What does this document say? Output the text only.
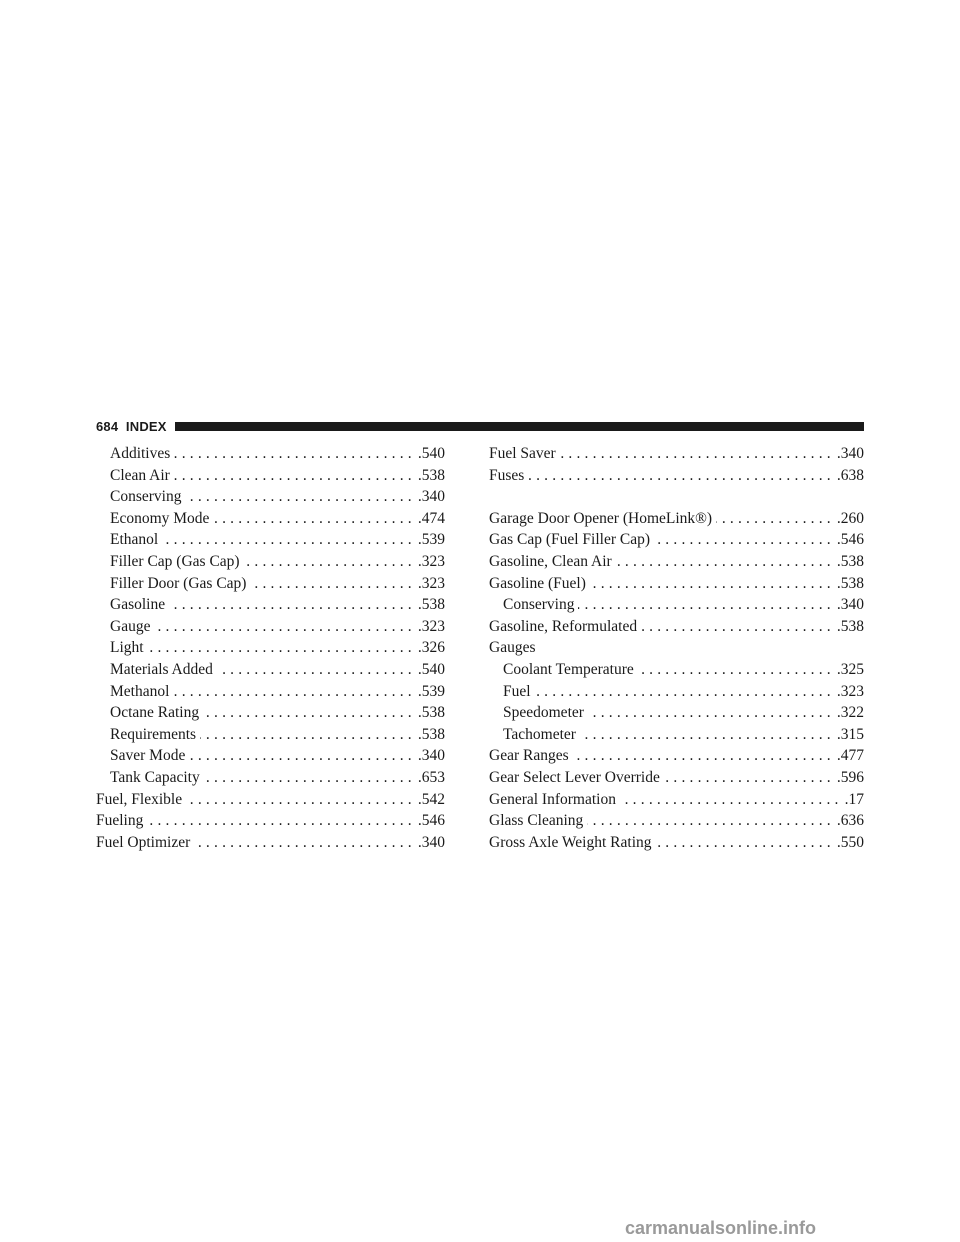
684 INDEX
Additives .....	.540
Clean Air .....	.538
Conserving .....	.340
Economy Mode .....	.474
Ethanol .....	.539
Filler Cap (Gas Cap) .....	.323
Filler Door (Gas Cap) .....	.323
Gasoline .....	.538
Gauge .....	.323
Light .....	.326
Materials Added .....	.540
Methanol .....	.539
Octane Rating .....	.538
Requirements .....	.538
Saver Mode .....	.340
Tank Capacity .....	.653
Fuel, Flexible .....	.542
Fueling .....	.546
Fuel Optimizer .....	.340
Fuel Saver .....	.340
Fuses .....	.638
Garage Door Opener (HomeLink®) .....	.260
Gas Cap (Fuel Filler Cap) .....	.546
Gasoline, Clean Air .....	.538
Gasoline (Fuel) .....	.538
Conserving .....	.340
Gasoline, Reformulated .....	.538
Gauges
Coolant Temperature .....	.325
Fuel .....	.323
Speedometer .....	.322
Tachometer .....	.315
Gear Ranges .....	.477
Gear Select Lever Override .....	.596
General Information .....	.17
Glass Cleaning .....	.636
Gross Axle Weight Rating .....	.550
carmanualsonline.info
